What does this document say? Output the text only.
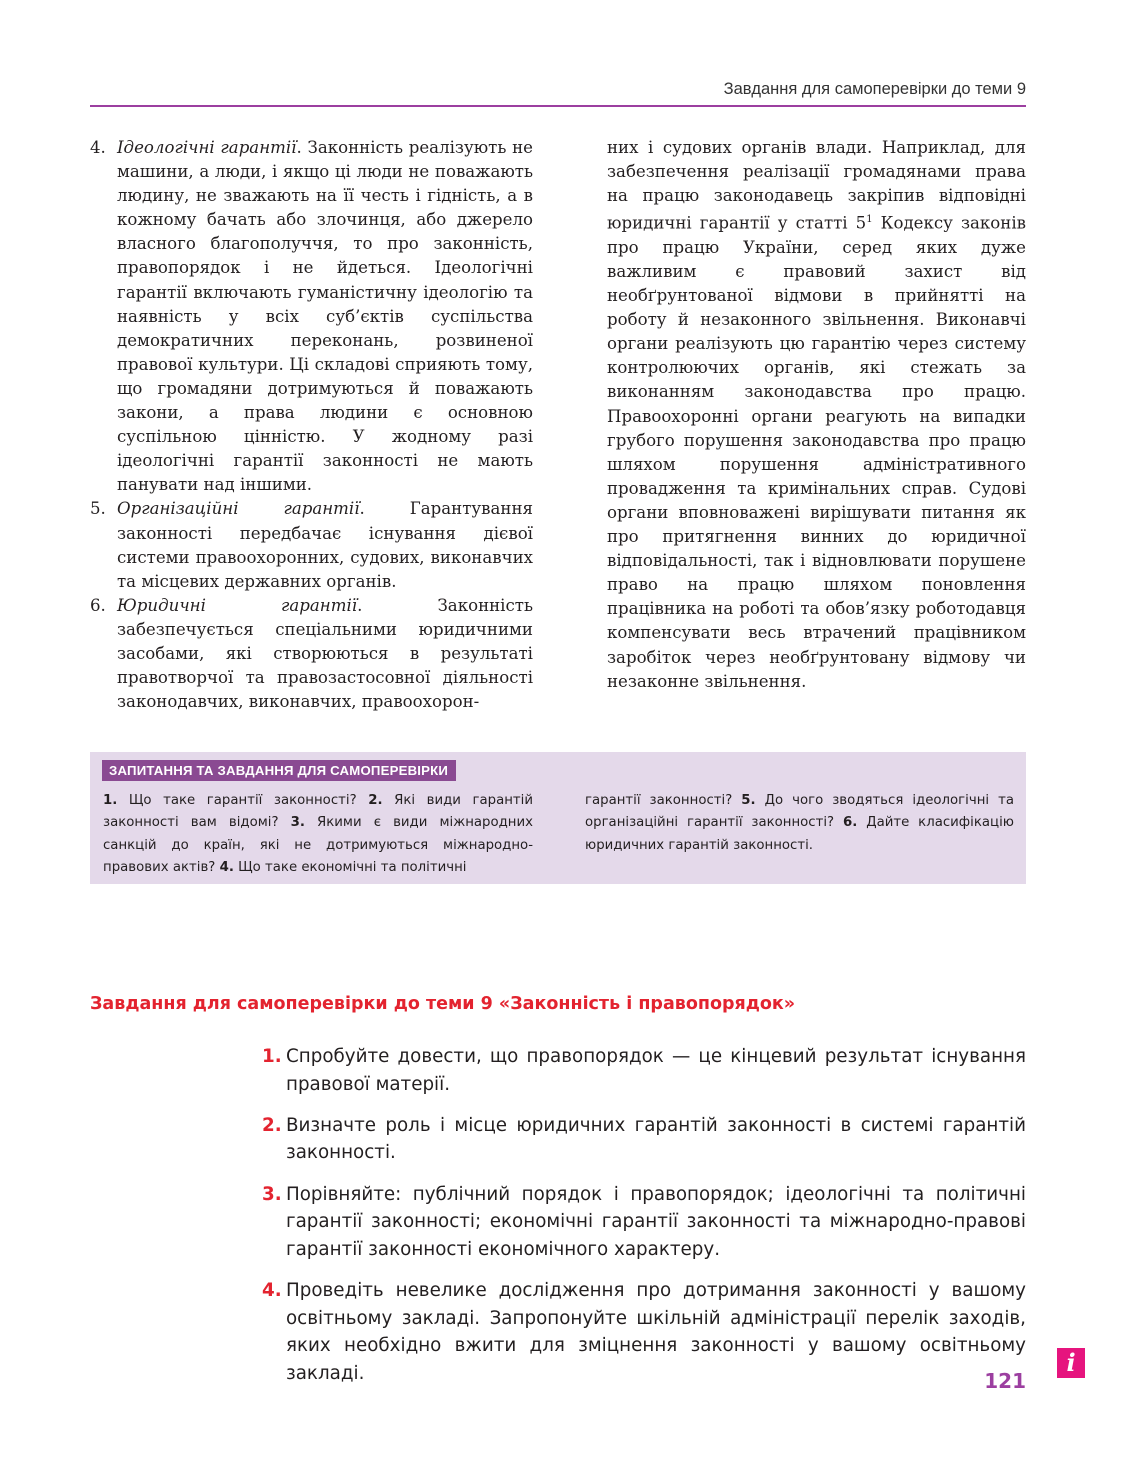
Завдання для самоперевірки до теми 9
4. Ідеологічні гарантії. Законність реалізують не машини, а люди, і якщо ці люди не поважають людину, не зважають на її честь і гідність, а в кожному бачать або злочинця, або джерело власного благополуччя, то про законність, правопорядок і не йдеться. Ідеологічні гарантії включають гуманістичну ідеологію та наявність у всіх суб’єктів суспільства демократичних переконань, розвиненої правової культури. Ці складові сприяють тому, що громадяни дотримуються й поважають закони, а права людини є основною суспільною цінністю. У жодному разі ідеологічні гарантії законності не мають панувати над іншими.
5. Організаційні гарантії. Гарантування законності передбачає існування дієвої системи правоохоронних, судових, виконавчих та місцевих державних органів.
6. Юридичні гарантії. Законність забезпечується спеціальними юридичними засобами, які створюються в результаті правотворчої та правозастосовної діяльності законодавчих, виконавчих, правоохорон-
них і судових органів влади. Наприклад, для забезпечення реалізації громадянами права на працю законодавець закріпив відповідні юридичні гарантії у статті $5^1$ Кодексу законів про працю України, серед яких дуже важливим є правовий захист від необґрунтованої відмови в прийнятті на роботу й незаконного звільнення. Виконавчі органи реалізують цю гарантію через систему контролюючих органів, які стежать за виконанням законодавства про працю. Правоохоронні органи реагують на випадки грубого порушення законодавства про працю шляхом порушення адміністративного провадження та кримінальних справ. Судові органи вповноважені вирішувати питання як про притягнення винних до юридичної відповідальності, так і відновлювати порушене право на працю шляхом поновлення працівника на роботі та обов’язку роботодавця компенсувати весь втрачений працівником заробіток через необґрунтовану відмову чи незаконне звільнення.
ЗАПИТАННЯ ТА ЗАВДАННЯ ДЛЯ САМОПЕРЕВІРКИ
1. Що таке гарантії законності? 2. Які види гарантій законності вам відомі? 3. Якими є види міжнародних санкцій до країн, які не дотримуються міжнародно-правових актів? 4. Що таке економічні та політичні
гарантії законності? 5. До чого зводяться ідеологічні та організаційні гарантії законності? 6. Дайте класифікацію юридичних гарантій законності.
Завдання для самоперевірки до теми 9 «Законність і правопорядок»
1. Спробуйте довести, що правопорядок — це кінцевий результат існування правової матерії.
2. Визначте роль і місце юридичних гарантій законності в системі гарантій законності.
3. Порівняйте: публічний порядок і правопорядок; ідеологічні та політичні гарантії законності; економічні гарантії законності та міжнародно-правові гарантії законності економічного характеру.
4. Проведіть невелике дослідження про дотримання законності у вашому освітньому закладі. Запропонуйте шкільній адміністрації перелік заходів, яких необхідно вжити для зміцнення законності у вашому освітньому закладі.	i
121
